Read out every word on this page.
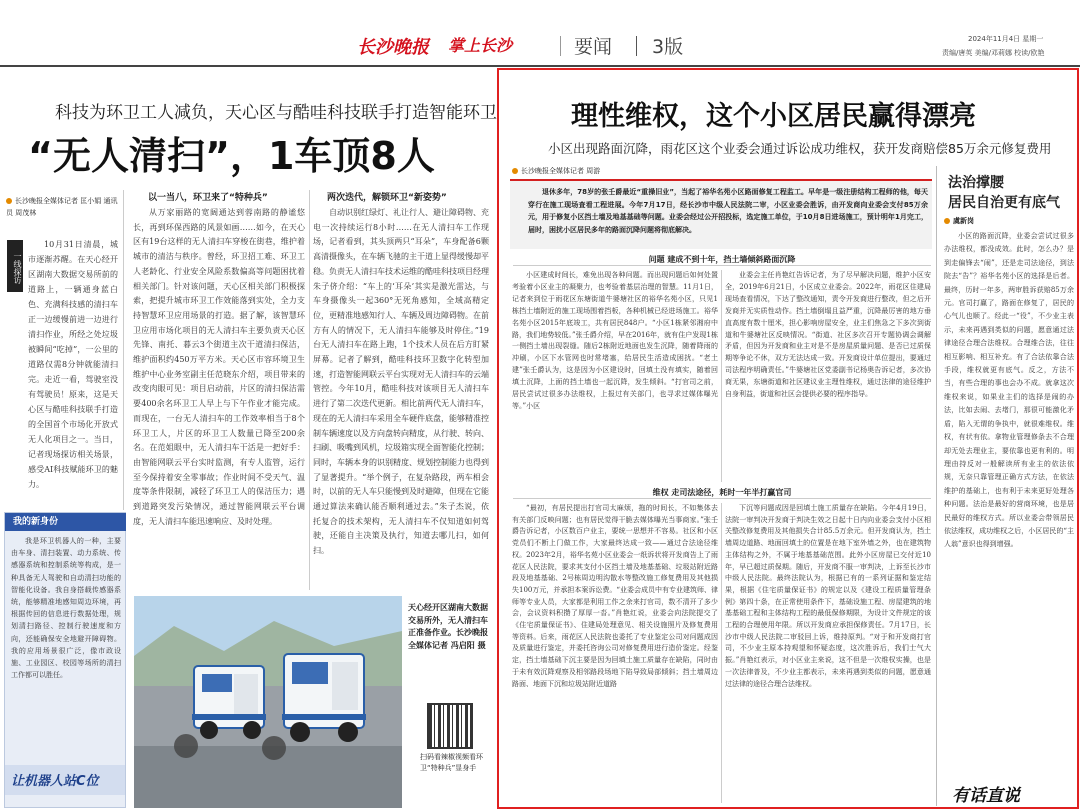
长沙晚报 掌上长沙	要闻 3版	2024年11月4日 星期一
责编/唐英 美编/邓莉娜 校读/欧艳
科技为环卫工人减负，天心区与酷哇科技联手打造智能环卫
“无人清扫”，1车顶8人
长沙晚报全媒体记者 匡小娟 通讯员 周茂林
一线探访
10月31日清晨，城市逐渐苏醒。在天心经开区湖南大数据交易所前的道路上，一辆通身蓝白色、充满科技感的清扫车正一边缓慢前进一边进行清扫作业，所经之处垃圾被瞬间“吃掉”，一公里的道路仅需8分钟就能清扫完。走近一看，驾驶室没有驾驶员！原来，这是天心区与酷哇科技联手打造的全国首个市场化开放式无人化项目之一。当日，记者现场探访相关场景，感受AI科技赋能环卫的魅力。
以一当八，环卫来了“特种兵”
从万家丽路的宽阔通达到蓉南路的静谧悠长，再到环保西路的风景如画……如今，在天心区有19台这样的无人清扫车穿梭在街巷，维护着城市的清洁与秩序。曾经，环卫招工难、环卫工人老龄化、行业安全风险系数偏高等问题困扰着相关部门。针对该问题，天心区相关部门积极探索，把提升城市环卫工作效能落到实处，全力支持智慧环卫应用场景的打造。据了解，该智慧环卫应用市场化项目的无人清扫车主要负责天心区先锋、南托、暮云3个街道主次干道清扫保洁，维护面积约450万平方米。天心区市容环境卫生维护中心业务室副主任范晓东介绍，项目带来的改变肉眼可见：项目启动前，片区的清扫保洁需要400余名环卫工人早上与下午作业才能完成。而现在，一台无人清扫车的工作效率相当于8个环卫工人，片区的环卫工人数量已降至200余名。在范姐眼中，无人清扫车干活是一把好手：由智能网联云平台实时监测，有专人监管，运行至今保持着安全零事故；作业时间不受天气、温度等条件限制，减轻了环卫工人的保洁压力；遇到道路突发污染情况，通过智能网联云平台调度，无人清扫车能迅速响应、及时处理。
两次迭代，解锁环卫“新姿势”
自动识别红绿灯、礼让行人、避让障碍物、充电一次持续运行8小时……在无人清扫车工作现场，记者看到，其头顶两只“耳朵”，车身配备6颗高清摄像头，在车辆飞驰的主干道上显得缓慢却平稳。负责无人清扫车技术运维的酷哇科技项目经理朱子侪介绍：“车上的‘耳朵’其实是激光雷达，与车身摄像头一起360°无死角感知，全域高精定位，更精准地感知行人、车辆及周边障碍物。在前方有人的情况下，无人清扫车能够及时停住。”19台无人清扫车在路上跑，1个技术人员在后方盯紧屏幕。记者了解到，酷哇科技环卫数字化转型加速，打造智能网联云平台实现对无人清扫车的云端管控。今年10月，酷哇科技对该项目无人清扫车进行了第二次迭代更新。相比前两代无人清扫车，现在的无人清扫车采用全车硬件底盘，能够精准控制车辆速度以及方向盘转向精度，从行驶、转向、扫刷、吸嘴到风机，垃圾箱实现全面智能化控制；同时，车辆本身的识别精度、规划控制能力也得到了显著提升。“举个例子，在复杂路段，两车相会时，以前的无人车只能慢到及时避障，但现在它能通过算法来确认能否顺利通过去。”朱子杰说，依托复合的技术架构，无人清扫车不仅知道如何驾驶，还能自主决策及执行，知道去哪儿扫，如何扫。
天心经开区湖南大数据交易所外，无人清扫车正准备作业。长沙晚报全媒体记者 冯启阳 摄
扫码看辣椒视频看环卫“特种兵”显身手
我的新身份
我是环卫机器人的一种，主要由车身、清扫装置、动力系统、传感器系统和控制系统等构成，是一种具备无人驾驶和自动清扫功能的智能化设备。我自身搭载传感器系统，能够精准地感知周边环境，再根据传回的信息进行数据处理，规划清扫路径、控制行驶速度和方向，还能确保安全地避开障碍物。我的应用场景很广泛，像市政设施、工业园区、校园等场所的清扫工作都可以胜任。
让机器人站C位
理性维权，这个小区居民赢得漂亮
小区出现路面沉降，雨花区这个业委会通过诉讼成功维权，获开发商赔偿85万余元修复费用
长沙晚报全媒体记者 周游
退休多年，78岁的张壬爵最近“重操旧业”，当起了裕华名苑小区路面修复工程监工。早年是一级注册结构工程师的他，每天穿行在施工现场查看工程进展。今年7月17日，经长沙市中级人民法院二审，小区业委会胜诉，由开发商向业委会支付85万余元，用于修复小区挡土墙及地基基础等问题。业委会经过公开招投标，选定施工单位，于10月8日进场施工，预计明年1月完工，届时，困扰小区居民多年的路面沉降问题将彻底解决。
问题 建成不到十年，挡土墙倾斜路面沉降
小区建成时间长，难免出现各种问题。而出现问题后如何处置考验着小区业主的凝聚力，也考验着基层治理的智慧。11月1日，记者来到位于雨花区东塘街道牛婆塘社区的裕华名苑小区，只见1栋挡土墙附近的施工现场围着挡板，各种机械已经进场施工。裕华名苑小区2015年底竣工，共有居民848户。“小区1栋紧邻湘府中路，我们地势较低。”张壬爵介绍，早在2016年，就有住户发现1栋一侧挡土墙出现裂缝。随后2栋附近地面也发生沉降，随着降雨的冲刷，小区下水管网也时常堵塞，给居民生活造成困扰。“老土建”张壬爵认为，这是因为小区建设时，回填土没有填实，随着回填土沉降，上面的挡土墙也一起沉降，发生倾斜。“打官司之前，居民尝试过很多办法维权，上报过有关部门，也寻求过媒体曝光等。”小区
业委会主任肖艳红告诉记者，为了尽早解决问题，维护小区安全，2019年6月21日，小区成立业委会。2022年，雨花区住建局现场查看情况，下达了整改通知，责令开发商进行整改，但之后开发商并无实质性动作。挡土墙倒塌且益严重，沉降最厉害的地方垂直高度有数十厘米，担心影响房屋安全，业主们焦急之下多次到街道和牛婆塘社区反映情况。“街道、社区多次召开专题协调会调解矛盾，但因为开发商和业主对是不是房屋质量问题、是否已过质保期等争论不休，双方无法达成一致。开发商设计单位提出，要通过司法程序明确责任。”牛婆塘社区党委副书记杨奥告诉记者，多次协商无果，东塘街道和社区建议业主理性维权，通过法律的途径维护自身利益，街道和社区会提供必要的程序指导。
维权 走司法途径，耗时一年半打赢官司
“最初，有居民提出打官司太麻烦，拖的时间长，不如集体去有关部门反映问题；也有居民觉得干脆去媒体曝光当事商家。”张壬爵告诉记者，小区数百户业主，要统一思想并不容易。社区和小区党员们不断上门做工作，大家最终达成一致——通过合法途径维权。2023年2月，裕华名苑小区业委会一纸诉状将开发商告上了雨花区人民法院，要求其支付小区挡土墙及地基基础、垃圾站附近路段及地基基础、2号栋周边明沟散水等整改施工修复费用及其他损失100万元，并承担本案诉讼费。“业委会成员中有专业建筑师、律师等专业人员，大家都是利用工作之余来打官司，数不清开了多少会，会议资料积攒了厚厚一沓。”肖艳红说，业委会向法院提交了《住宅质量保证书》、住建局处理意见、相关设施照片及修复费用等资料。后来，雨花区人民法院也委托了专业鉴定公司对问题成因及质量进行鉴定，并委托咨询公司对修复费用进行造价鉴定。经鉴定，挡土墙基础下沉主要是因为回填土施工质量存在缺陷，同时由于未有效沉降观察及相邻路段场地下陷导致局部倾斜；挡土墙周边路面、地面下沉和垃圾站附近道路
下沉等问题成因是回填土施工质量存在缺陷。今年4月19日，法院一审判决开发商于判决生效之日起十日内向业委会支付小区相关整改修复费用及其他损失合计85.5万余元。但开发商认为，挡土墙周边道路、地面回填土的位置是在地下室外墙之外，也在建筑物主体结构之外，不属于地基基础范围。此外小区房屋已交付近10年，早已超过质保期。随后，开发商不服一审判决，上诉至长沙市中级人民法院。最终法院认为，根据已有的一系列证据和鉴定结果，根据《住宅质量保证书》的规定以及《建设工程质量管理条例》第四十条，在正常使用条件下，基础设施工程、房屋建筑的地基基础工程和主体结构工程的最低保修期限，为设计文件规定的该工程的合理使用年限。所以开发商应承担保修责任。7月17日，长沙市中级人民法院二审驳回上诉，维持原判。“对于和开发商打官司，不少业主原本持观望和怀疑态度，这次胜诉后，我们士气大振。”肖艳红表示，对小区业主来说，这不但是一次维权实操，也是一次法律普及，不少业主都表示，未来再遇到类似的问题，愿意通过法律的途径合理合法维权。
法治撑腰
居民自治更有底气
虞新岗
小区的路面沉降，业委会尝试过很多办法维权，都没成效。此时，怎么办？是到走偏锋去“闹”，还是走司法途径，到法院去“告”？裕华名苑小区的选择是后者。最终，历时一年多，两审胜诉获赔85万余元。官司打赢了，路面在修复了，居民的心气儿也顺了。经此一“役”，不少业主表示，未来再遇到类似的问题，愿意通过法律途径合理合法维权。合理维合法，往往相互影响、相互补充。有了合法依靠合法手段，维权就更有底气。反之，方法不当，有些合理的事也会办不成。就拿这次维权来说，如果业主们的选择是闹的办法，比如去闹、去堵门，那很可能激化矛盾，陷入无谓的争执中，就很难维权。维权，有状有依。拿物业管理修条去不合理却无处去理业主，要依靠也更有利的。明理由持反对一般解读所有业主的依法依规，无奈只靠管理正确方式方法，在依法维护的基础上，也有利于未来更好处理各种问题。法治是最好的营商环境，也是居民最好的维权方式。所以业委会带领居民依法维权，成功维权之后，小区居民的“主人翁”意识也得到增强。
有话直说
